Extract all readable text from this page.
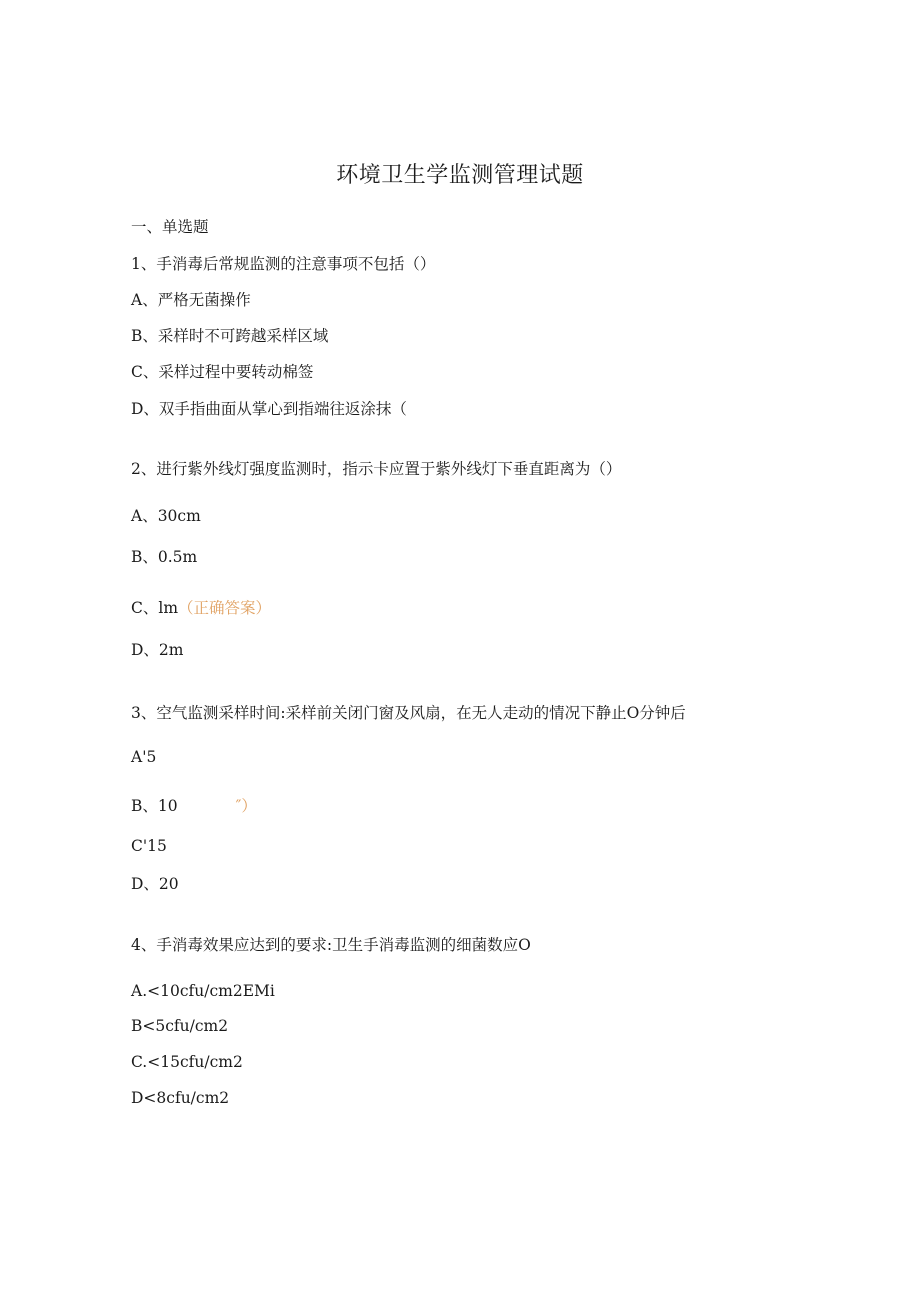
环境卫生学监测管理试题
一、单选题
1、手消毒后常规监测的注意事项不包括（）
A、严格无菌操作
B、采样时不可跨越采样区域
C、采样过程中要转动棉签
D、双手指曲面从掌心到指端往返涂抹（
2、进行紫外线灯强度监测时，指示卡应置于紫外线灯下垂直距离为（）
A、30cm
B、0.5m
C、lm（正确答案）
D、2m
3、空气监测采样时间:采样前关闭门窗及风扇，在无人走动的情况下静止O分钟后
A'5
B、10	″）
C'15
D、20
4、手消毒效果应达到的要求:卫生手消毒监测的细菌数应O
A.<10cfu/cm2EMi
B<5cfu/cm2
C.<15cfu/cm2
D<8cfu/cm2
